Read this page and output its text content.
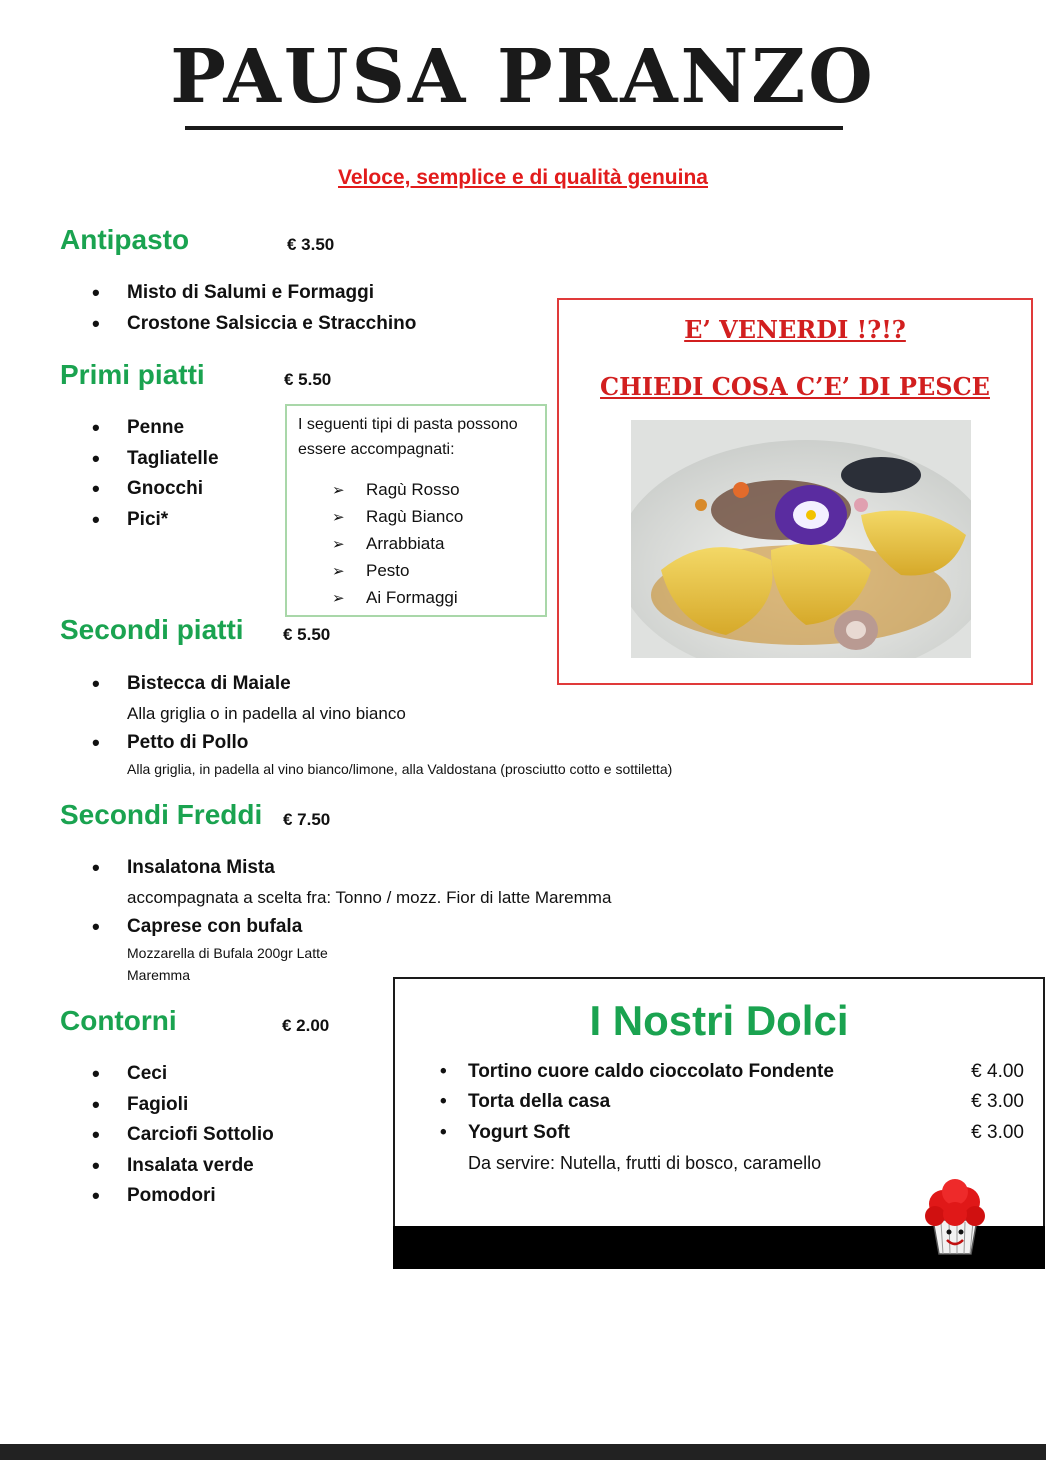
PAUSA PRANZO
Veloce, semplice e di qualità genuina
Antipasto	€ 3.50
• Misto di Salumi e Formaggi
• Crostone Salsiccia e Stracchino
Primi piatti	€ 5.50
• Penne
• Tagliatelle
• Gnocchi
• Pici*
I seguenti tipi di pasta possono essere accompagnati:
➢ Ragù Rosso
➢ Ragù Bianco
➢ Arrabbiata
➢ Pesto
➢ Ai Formaggi
E’ VENERDI !?!?
CHIEDI COSA C’E’ DI PESCE
Secondi piatti € 5.50
• Bistecca di Maiale
Alla griglia o in padella al vino bianco
• Petto di Pollo
Alla griglia, in padella al vino bianco/limone, alla Valdostana (prosciutto cotto e sottiletta)
Secondi Freddi € 7.50
• Insalatona Mista
accompagnata a scelta fra: Tonno / mozz. Fior di latte Maremma
• Caprese con bufala
Mozzarella di Bufala 200gr Latte
Maremma
Contorni	€ 2.00
• Ceci
• Fagioli
• Carciofi Sottolio
• Insalata verde
• Pomodori
I Nostri Dolci
• Tortino cuore caldo cioccolato Fondente	€ 4.00
• Torta della casa	€ 3.00
• Yogurt Soft	€ 3.00
Da servire: Nutella, frutti di bosco, caramello
